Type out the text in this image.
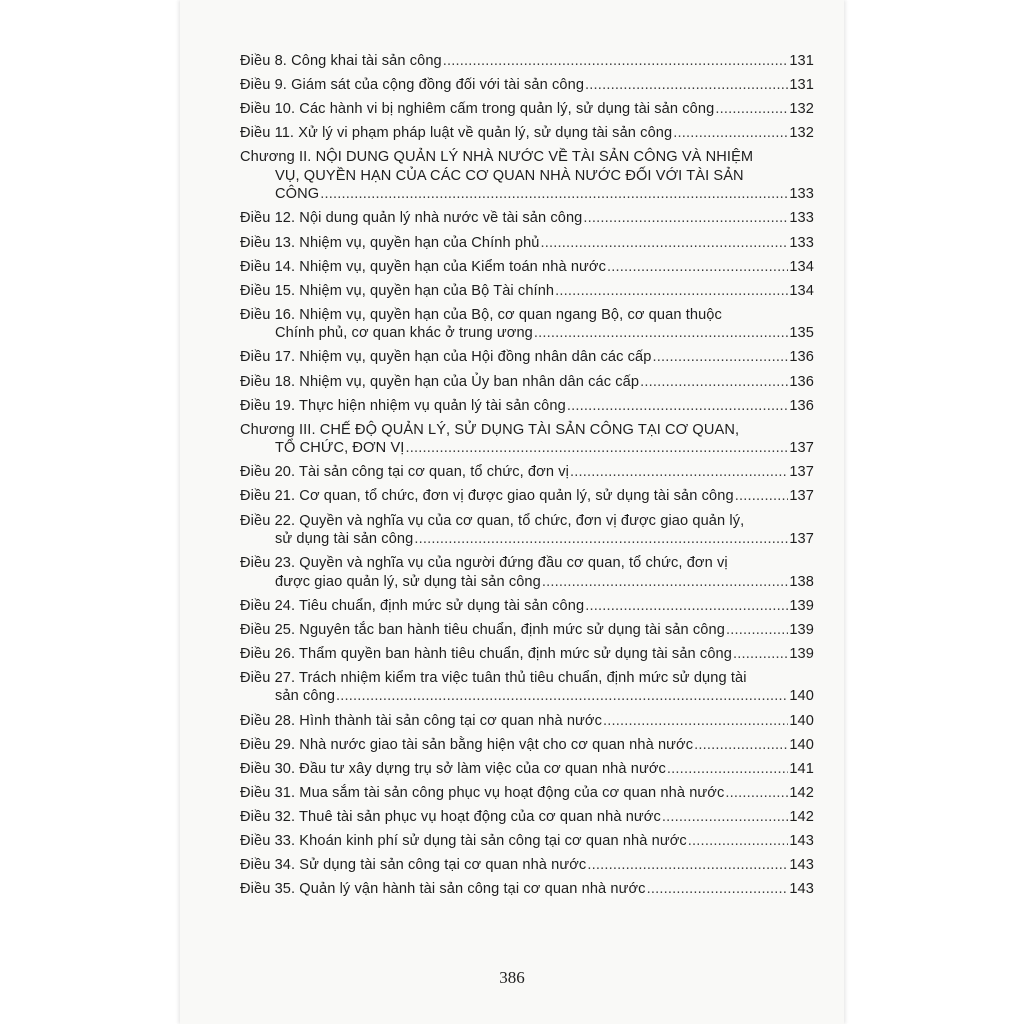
Điều 8. Công khai tài sản công .....	131
Điều 9. Giám sát của cộng đồng đối với tài sản công .....	131
Điều 10. Các hành vi bị nghiêm cấm trong quản lý, sử dụng tài sản công .....	132
Điều 11. Xử lý vi phạm pháp luật về quản lý, sử dụng tài sản công .....	132
Chương II. NỘI DUNG QUẢN LÝ NHÀ NƯỚC VỀ TÀI SẢN CÔNG VÀ NHIỆM
VỤ, QUYỀN HẠN CỦA CÁC CƠ QUAN NHÀ NƯỚC ĐỐI VỚI TÀI SẢN
CÔNG .....	133
Điều 12. Nội dung quản lý nhà nước về tài sản công .....	133
Điều 13. Nhiệm vụ, quyền hạn của Chính phủ .....	133
Điều 14. Nhiệm vụ, quyền hạn của Kiểm toán nhà nước .....	134
Điều 15. Nhiệm vụ, quyền hạn của Bộ Tài chính .....	134
Điều 16. Nhiệm vụ, quyền hạn của Bộ, cơ quan ngang Bộ, cơ quan thuộc
Chính phủ, cơ quan khác ở trung ương .....	135
Điều 17. Nhiệm vụ, quyền hạn của Hội đồng nhân dân các cấp .....	136
Điều 18. Nhiệm vụ, quyền hạn của Ủy ban nhân dân các cấp .....	136
Điều 19. Thực hiện nhiệm vụ quản lý tài sản công .....	136
Chương III. CHẾ ĐỘ QUẢN LÝ, SỬ DỤNG TÀI SẢN CÔNG TẠI CƠ QUAN,
TỔ CHỨC, ĐƠN VỊ .....	137
Điều 20. Tài sản công tại cơ quan, tổ chức, đơn vị .....	137
Điều 21. Cơ quan, tổ chức, đơn vị được giao quản lý, sử dụng tài sản công .....	137
Điều 22. Quyền và nghĩa vụ của cơ quan, tổ chức, đơn vị được giao quản lý,
sử dụng tài sản công .....	137
Điều 23. Quyền và nghĩa vụ của người đứng đầu cơ quan, tổ chức, đơn vị
được giao quản lý, sử dụng tài sản công .....	138
Điều 24. Tiêu chuẩn, định mức sử dụng tài sản công .....	139
Điều 25. Nguyên tắc ban hành tiêu chuẩn, định mức sử dụng tài sản công .....	139
Điều 26. Thẩm quyền ban hành tiêu chuẩn, định mức sử dụng tài sản công .....	139
Điều 27. Trách nhiệm kiểm tra việc tuân thủ tiêu chuẩn, định mức sử dụng tài
sản công .....	140
Điều 28. Hình thành tài sản công tại cơ quan nhà nước .....	140
Điều 29. Nhà nước giao tài sản bằng hiện vật cho cơ quan nhà nước .....	140
Điều 30. Đầu tư xây dựng trụ sở làm việc của cơ quan nhà nước .....	141
Điều 31. Mua sắm tài sản công phục vụ hoạt động của cơ quan nhà nước .....	142
Điều 32. Thuê tài sản phục vụ hoạt động của cơ quan nhà nước .....	142
Điều 33. Khoán kinh phí sử dụng tài sản công tại cơ quan nhà nước .....	143
Điều 34. Sử dụng tài sản công tại cơ quan nhà nước .....	143
Điều 35. Quản lý vận hành tài sản công tại cơ quan nhà nước .....	143
386
